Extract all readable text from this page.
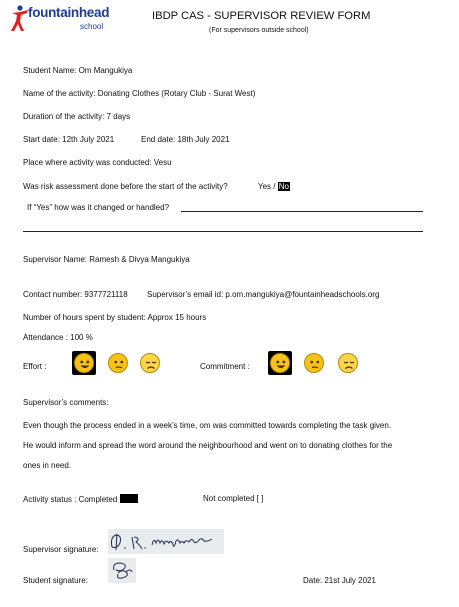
fountainhead
school
IBDP CAS - SUPERVISOR REVIEW FORM
(For supervisors outside school)
Student Name: Om Mangukiya
Name of the activity: Donating Clothes (Rotary Club - Surat West)
Duration of the activity: 7 days
Start date: 12th July 2021	End date: 18th July 2021
Place where activity was conducted: Vesu
Was risk assessment done before the start of the activity?	Yes / No
If “Yes” how was it changed or handled?
Supervisor Name: Ramesh & Divya Mangukiya
Contact number: 9377721118 Supervisor’s email id: p.om.mangukiya@fountainheadschools.org
Number of hours spent by student: Approx 15 hours
Attendance : 100 %
Effort :	Commitment :
Supervisor’s comments:
Even though the process ended in a week’s time, om was committed towards completing the task given.
He would inform and spread the word around the neighbourhood and went on to donating clothes for the
ones in need.
Activity status : Completed	Not completed [ ]
Supervisor signature:
Student signature:	Date: 21st July 2021
